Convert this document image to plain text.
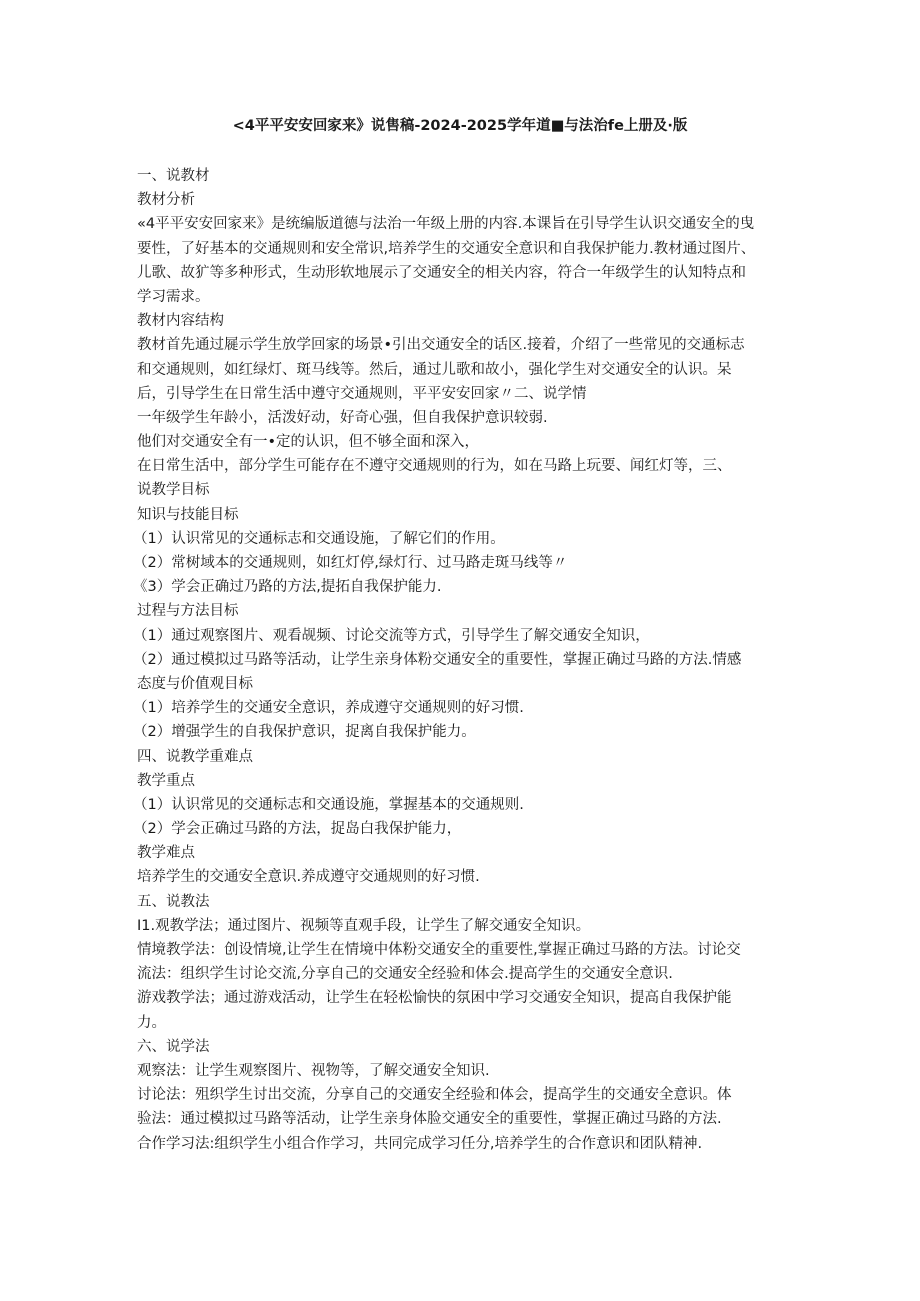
<4平平安安回家来》说售稿-2024-2025学年道■与法治fe上册及·版
一、说教材
教材分析
«4平平安安回家来》是统编版道德与法治一年级上册的内容.本课旨在引导学生认识交通安全的曳
要性，了好基本的交通规则和安全常识,培养学生的交通安全意识和自我保护能力.教材通过图片、
儿歌、故犷等多种形式，生动形软地展示了交通安全的相关内容，符合一年级学生的认知特点和
学习需求。
教材内容结构
教材首先通过屣示学生放学回家的场景•引出交通安全的话区.接着，介绍了一些常见的交通标志
和交通规则，如红绿灯、斑马线等。然后，通过儿歌和故小，强化学生对交通安全的认识。呆
后，引导学生在日常生活中遵守交通规则，平平安安回家〃二、说学情
一年级学生年龄小，活泼好动，好奇心强，但自我保护意识较弱.
他们对交通安全有一•定的认识，但不够全面和深入，
在日常生活中，部分学生可能存在不遵守交通规则的行为，如在马路上玩要、闻红灯等，三、
说教学目标
知识与技能目标
（1）认识常见的交通标志和交通设施，了解它们的作用。
（2）常树域本的交通规则，如红灯停,绿灯行、过马路走斑马线等〃
《3）学会正确过乃路的方法,提拓自我保护能力.
过程与方法目标
（1）通过观察图片、观看觇频、讨论交流等方式，引导学生了解交通安全知识，
（2）通过模拟过马路等活动，让学生亲身体粉交通安全的重要性，掌握正确过马路的方法.情感
态度与价值观目标
（1）培养学生的交通安全意识，养成遵守交通规则的好习惯.
（2）增强学生的自我保护意识，捉离自我保护能力。
四、说教学重难点
教学重点
（1）认识常见的交通标志和交通设施，掌握基本的交通规则.
（2）学会正确过马路的方法，捉岛白我保护能力，
教学难点
培养学生的交通安全意识.养成遵守交通规则的好习惯.
五、说教法
I1.观教学法；通过图片、视频等直观手段，让学生了解交通安全知识。
情境教学法：创设情境,让学生在情境中体粉交通安全的重要性,掌握正确过马路的方法。讨论交
流法：组织学生讨论交流,分享自己的交通安全经验和体会.提高学生的交通安全意识.
游戏教学法；通过游戏活动，让学生在轻松愉快的氛困中学习交通安全知识，提高自我保护能
力。
六、说学法
观察法：让学生观察图片、视物等，了解交通安全知识.
讨论法：殂织学生讨岀交流，分享自己的交通安全经验和体会，提高学生的交通安全意识。体
验法：通过模拟过马路等活动，让学生亲身体脸交通安全的重要性，掌握正确过马路的方法.
合作学习法:组织学生小组合作学习，共同完成学习任分,培养学生的合作意识和团队精神.
